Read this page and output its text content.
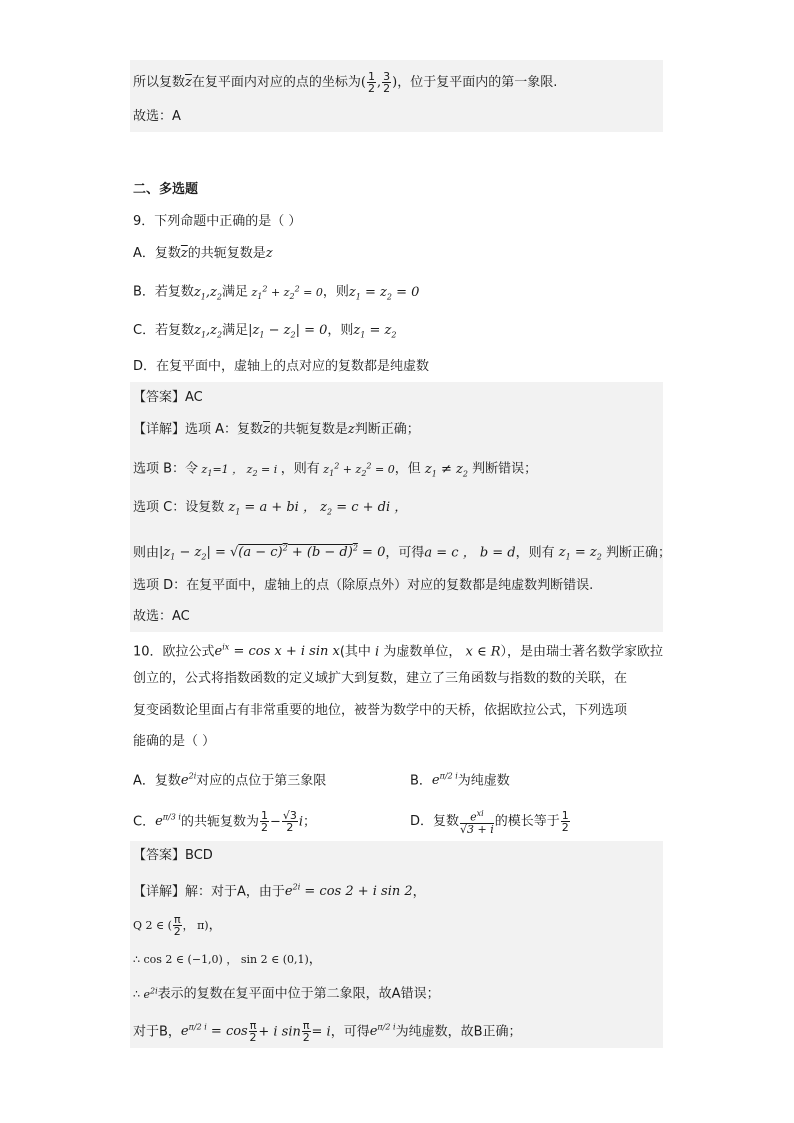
所以复数$\overline{z}$在复平面内对应的点的坐标为( $\frac{1}{2}$ , $\frac{3}{2}$ )，位于复平面内的第一象限.
故选：A
二、多选题
9．下列命题中正确的是（ ）
A．复数$\overline{z}$的共轭复数是z
B．若复数$z_1,z_2$满足 $z_1^2 + z_2^2 = 0$，则$z_1 = z_2 = 0$
C．若复数$z_1,z_2$满足$|z_1 - z_2| = 0$，则$z_1 = z_2$
D．在复平面中，虚轴上的点对应的复数都是纯虚数
【答案】AC
【详解】选项 A：复数$\overline{z}$的共轭复数是z判断正确；
选项 B：令 $z_1=1$ ， $z_2 = i$ ，则有 $z_1^2 + z_2^2 = 0$，但 $z_1 \ne z_2$ 判断错误；
选项 C：设复数 $z_1 = a$ + bi ， $z_2 = c$ + di ，
则由$|z_1 - z_2| = √(a - c)^2 + (b - d)^2 = 0$，可得a = c ， b = d，则有 $z_1 = z_2$ 判断正确；
选项 D：在复平面中，虚轴上的点（除原点外）对应的复数都是纯虚数判断错误.
故选：AC
10．欧拉公式$e^{ix} = \cos x + i$ sin x(其中 i 为虚数单位， x ∈ R），是由瑞士著名数学家欧拉
创立的，公式将指数函数的定义域扩大到复数，建立了三角函数与指数的数的关联，在
复变函数论里面占有非常重要的地位，被誉为数学中的天桥，依据欧拉公式，下列选项
能确的是（ ）
A．复数$e^{2i}$对应的点位于第三象限	B．$e^{\pi/2 i}$为纯虚数
C．$e^{\pi/3 i}$的共轭复数为 $\frac{1}{2} - \frac{√3}{2}$ i；	D．复数 $\frac{e^{xi}}{√3 + i}$ 的模长等于 $\frac{1}{2}$
【答案】BCD
【详解】解：对于A，由于$e^{2i} = \cos 2 + i$ sin 2，
Q 2 ∈ ( $\frac{\pi}{2}$ ， π)，
∴ cos 2 ∈ (−1,0) ， sin 2 ∈ (0,1)，
∴ $e^{2i}$表示的复数在复平面中位于第二象限，故A错误；
对于B，$e^{\pi/2 i} = \cos \frac{\pi}{2} + i$ $\sin \frac{\pi}{2} = i$，可得$e^{\pi/2 i}$为纯虚数，故B正确；
